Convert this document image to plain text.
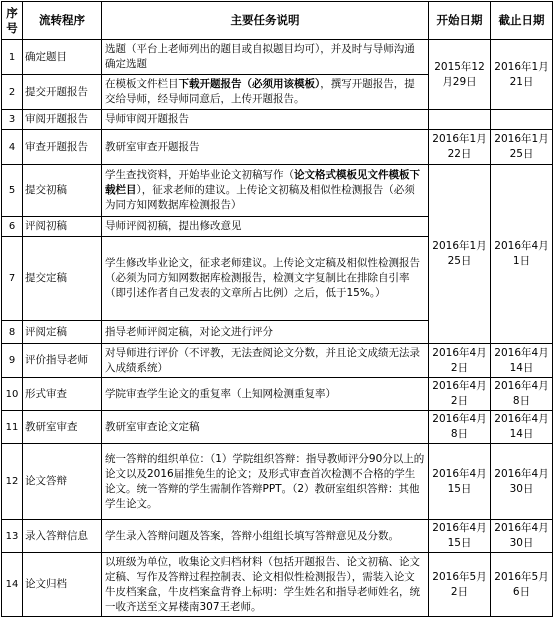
序号	流转程序	主要任务说明	开始日期	截止日期
1	确定题目	选题（平台上老师列出的题目或自拟题目均可），并及时与导师沟通确定选题	2015年12月29日	2016年1月21日
2	提交开题报告	在模板文件栏目下载开题报告（必须用该模板），撰写开题报告，提交给导师，经导师同意后，上传开题报告。		
3	审阅开题报告	导师审阅开题报告		
4	审查开题报告	教研室审查开题报告	2016年1月22日	2016年1月25日
5	提交初稿	学生查找资料，开始毕业论文初稿写作（论文格式模板见文件模板下载栏目），征求老师的建议。上传论文初稿及相似性检测报告（必须为同方知网数据库检测报告）	2016年1月25日	2016年4月1日
6	评阅初稿	导师评阅初稿，提出修改意见		
7	提交定稿	学生修改毕业论文，征求老师建议。上传论文定稿及相似性检测报告（必须为同方知网数据库检测报告，检测文字复制比在排除自引率（即引述作者自己发表的文章所占比例）之后，低于15%。）		
8	评阅定稿	指导老师评阅定稿，对论文进行评分		
9	评价指导老师	对导师进行评价（不评教，无法查阅论文分数，并且论文成绩无法录入成绩系统）	2016年4月2日	2016年4月14日
10	形式审查	学院审查学生论文的重复率（上知网检测重复率）	2016年4月2日	2016年4月8日
11	教研室审查	教研室审查论文定稿	2016年4月8日	2016年4月14日
12	论文答辩	统一答辩的组织单位：（1）学院组织答辩：指导教师评分90分以上的论文以及2016届推免生的论文；及形式审查首次检测不合格的学生论文。统一答辩的学生需制作答辩PPT。（2）教研室组织答辩：其他学生论文。	2016年4月15日	2016年4月30日
13	录入答辩信息	学生录入答辩问题及答案，答辩小组组长填写答辩意见及分数。	2016年4月15日	2016年4月30日
14	论文归档	以班级为单位，收集论文归档材料（包括开题报告、论文初稿、论文定稿、写作及答辩过程控制表、论文相似性检测报告），需装入论文牛皮档案盒，牛皮档案盒背脊上标明：学生姓名和指导老师姓名，统一收齐送至文昇楼南307王老师。	2016年5月2日	2016年5月6日
